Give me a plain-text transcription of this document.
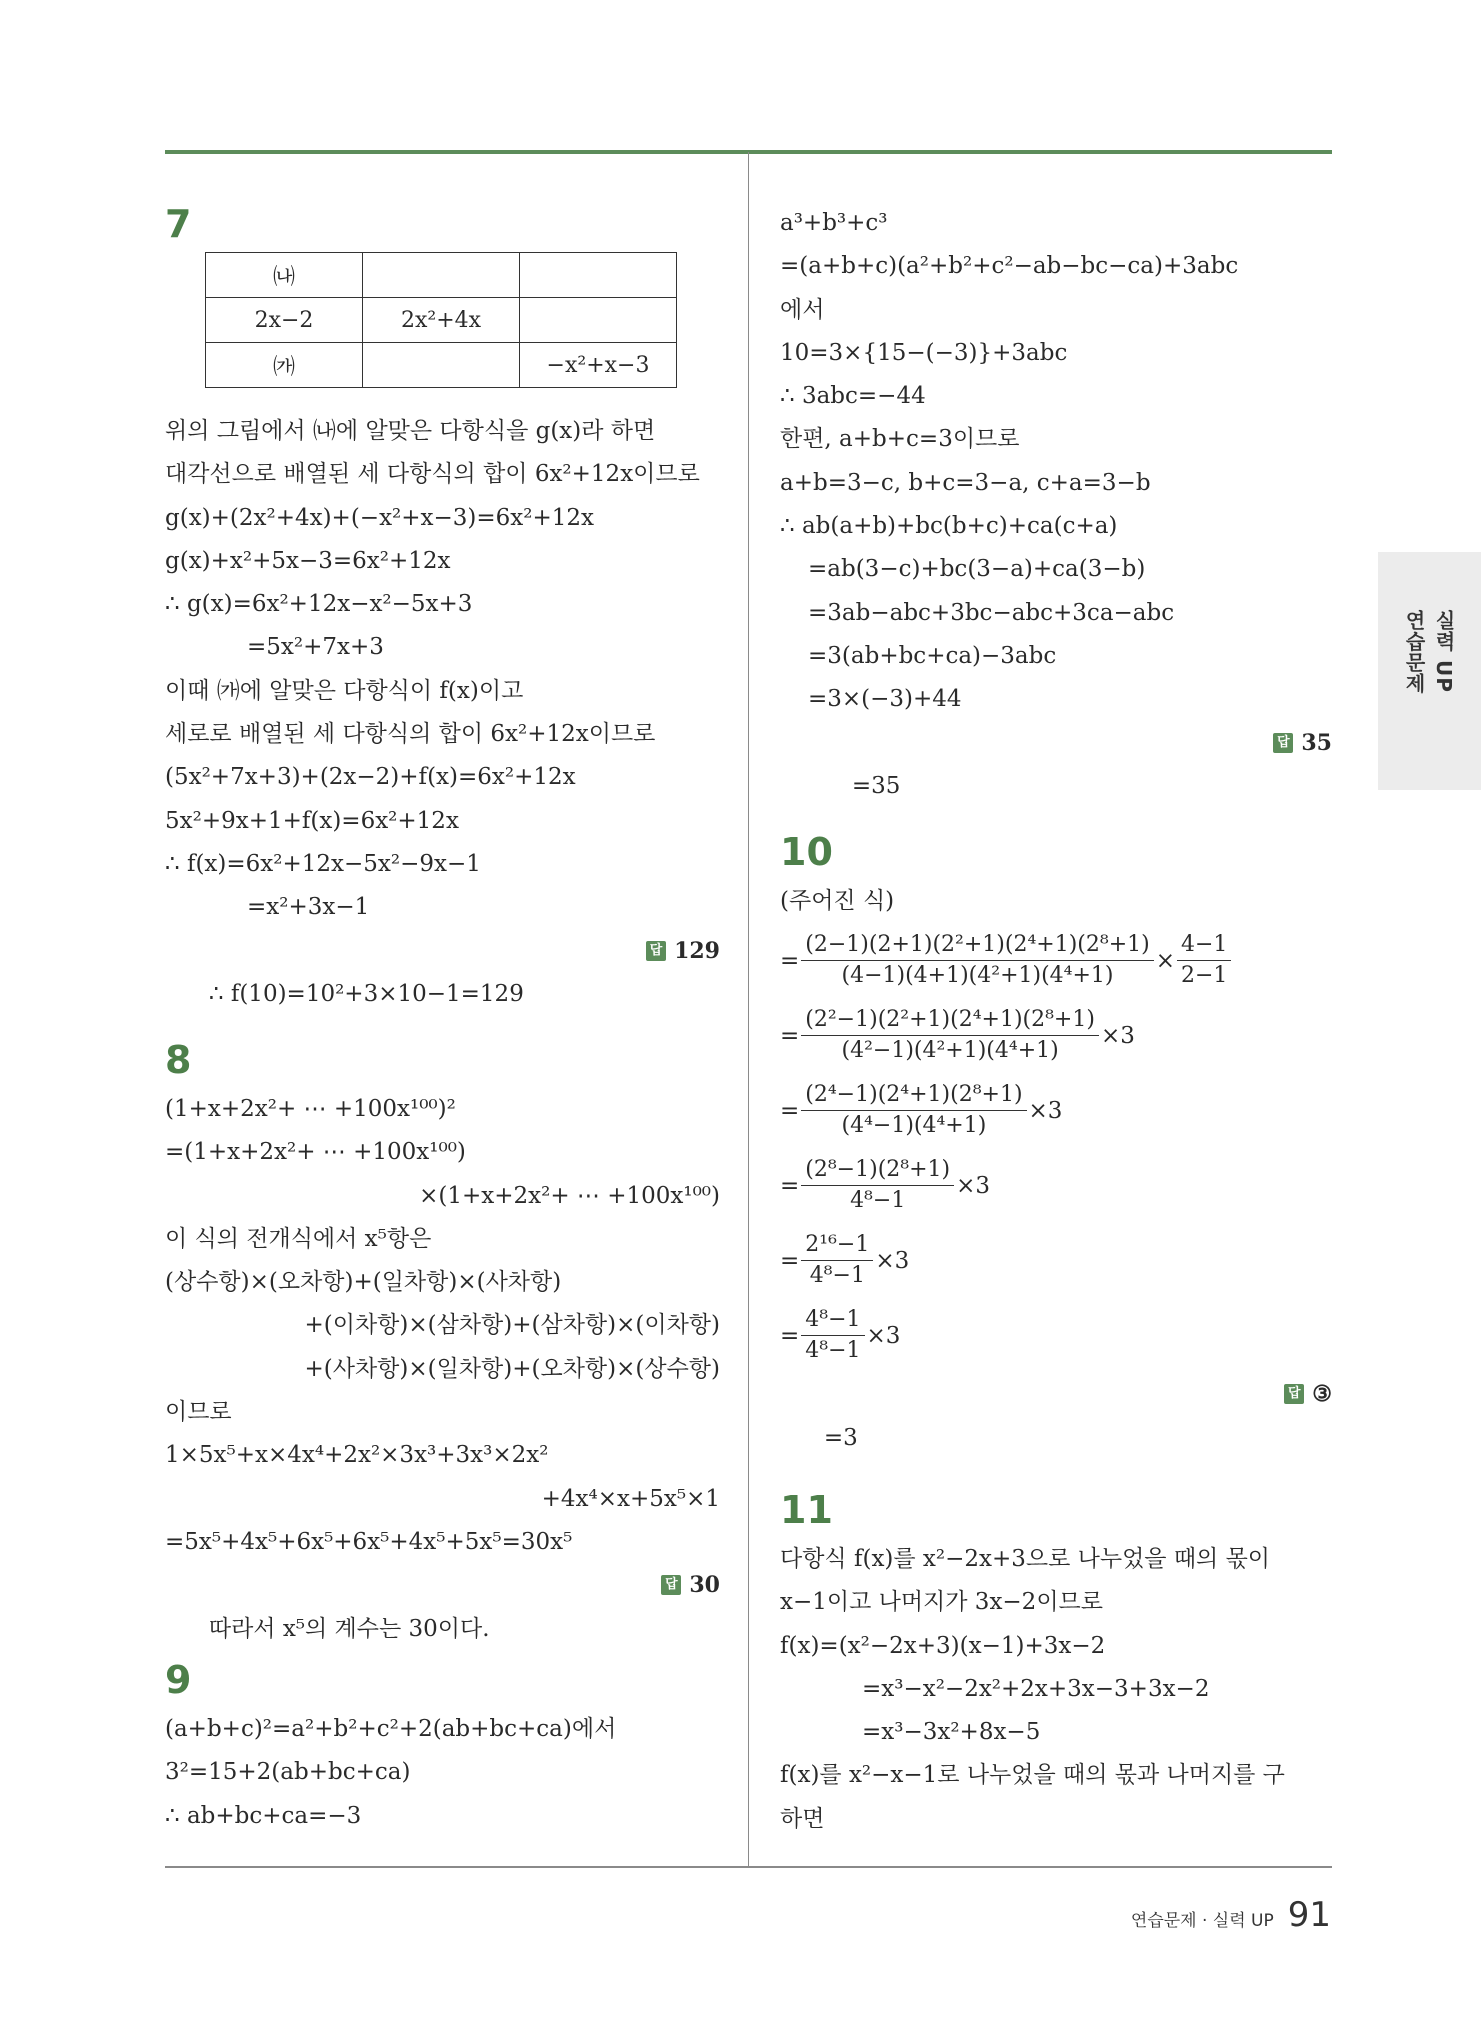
실력 UP
연습문제
7
㈏		
2x−2	2x²+4x	
㈎		−x²+x−3
위의 그림에서 ㈏에 알맞은 다항식을 g(x)라 하면
대각선으로 배열된 세 다항식의 합이 6x²+12x이므로
g(x)+(2x²+4x)+(−x²+x−3)=6x²+12x
g(x)+x²+5x−3=6x²+12x
∴ g(x)=6x²+12x−x²−5x+3
=5x²+7x+3
이때 ㈎에 알맞은 다항식이 f(x)이고
세로로 배열된 세 다항식의 합이 6x²+12x이므로
(5x²+7x+3)+(2x−2)+f(x)=6x²+12x
5x²+9x+1+f(x)=6x²+12x
∴ f(x)=6x²+12x−5x²−9x−1
=x²+3x−1

∴ f(10)=10²+3×10−1=129

답 129

8
(1+x+2x²+ ⋯ +100x¹⁰⁰)²
=(1+x+2x²+ ⋯ +100x¹⁰⁰)
×(1+x+2x²+ ⋯ +100x¹⁰⁰)
이 식의 전개식에서 x⁵항은
(상수항)×(오차항)+(일차항)×(사차항)
+(이차항)×(삼차항)+(삼차항)×(이차항)
+(사차항)×(일차항)+(오차항)×(상수항)
이므로
1×5x⁵+x×4x⁴+2x²×3x³+3x³×2x²
+4x⁴×x+5x⁵×1
=5x⁵+4x⁵+6x⁵+6x⁵+4x⁵+5x⁵=30x⁵

따라서 x⁵의 계수는 30이다.

답 30

9
(a+b+c)²=a²+b²+c²+2(ab+bc+ca)에서
3²=15+2(ab+bc+ca)
∴ ab+bc+ca=−3
a³+b³+c³
=(a+b+c)(a²+b²+c²−ab−bc−ca)+3abc
에서
10=3×{15−(−3)}+3abc
∴ 3abc=−44
한편, a+b+c=3이므로
a+b=3−c, b+c=3−a, c+a=3−b
∴ ab(a+b)+bc(b+c)+ca(c+a)
=ab(3−c)+bc(3−a)+ca(3−b)
=3ab−abc+3bc−abc+3ca−abc
=3(ab+bc+ca)−3abc
=3×(−3)+44

=35

답 35

10
(주어진 식)
= $\frac{\text{(2−1)(2+1)(2²+1)(2⁴+1)(2⁸+1)}}{\text{(4−1)(4+1)(4²+1)(4⁴+1)}} \times \frac{4-1}{2-1}$
= $\frac{\text{(2²−1)(2²+1)(2⁴+1)(2⁸+1)}}{\text{(4²−1)(4²+1)(4⁴+1)}} \times 3$
= $\frac{\text{(2⁴−1)(2⁴+1)(2⁸+1)}}{\text{(4⁴−1)(4⁴+1)}} \times 3$
= $\frac{\text{(2⁸−1)(2⁸+1)}}{\text{4⁸−1}} \times 3$
= $\frac{\text{2¹⁶−1}}{\text{4⁸−1}} \times 3$
= $\frac{\text{4⁸−1}}{\text{4⁸−1}} \times 3$

=3

답 ③

11
다항식 f(x)를 x²−2x+3으로 나누었을 때의 몫이
x−1이고 나머지가 3x−2이므로
f(x)=(x²−2x+3)(x−1)+3x−2
=x³−x²−2x²+2x+3x−3+3x−2
=x³−3x²+8x−5
f(x)를 x²−x−1로 나누었을 때의 몫과 나머지를 구
하면
연습문제 · 실력 UP 91
